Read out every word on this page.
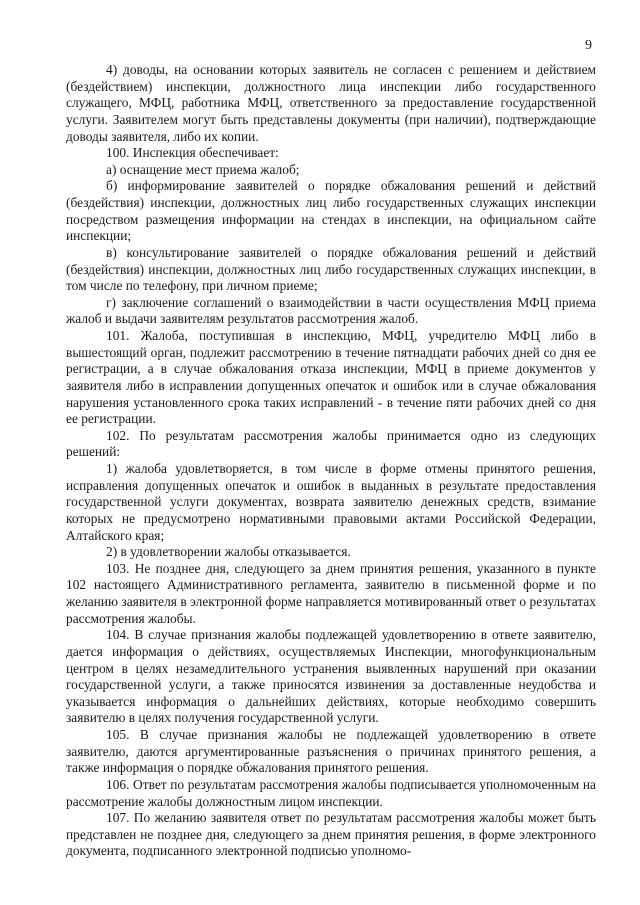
9

4) доводы, на основании которых заявитель не согласен с решением и действием (бездействием) инспекции, должностного лица инспекции либо государственного служащего, МФЦ, работника МФЦ, ответственного за предоставление государственной услуги. Заявителем могут быть представлены документы (при наличии), подтверждающие доводы заявителя, либо их копии.

100. Инспекция обеспечивает:

а) оснащение мест приема жалоб;

б) информирование заявителей о порядке обжалования решений и действий (бездействия) инспекции, должностных лиц либо государственных служащих инспекции посредством размещения информации на стендах в инспекции, на официальном сайте инспекции;

в) консультирование заявителей о порядке обжалования решений и действий (бездействия) инспекции, должностных лиц либо государственных служащих инспекции, в том числе по телефону, при личном приеме;

г) заключение соглашений о взаимодействии в части осуществления МФЦ приема жалоб и выдачи заявителям результатов рассмотрения жалоб.

101. Жалоба, поступившая в инспекцию, МФЦ, учредителю МФЦ либо в вышестоящий орган, подлежит рассмотрению в течение пятнадцати рабочих дней со дня ее регистрации, а в случае обжалования отказа инспекции, МФЦ в приеме документов у заявителя либо в исправлении допущенных опечаток и ошибок или в случае обжалования нарушения установленного срока таких исправлений - в течение пяти рабочих дней со дня ее регистрации.

102. По результатам рассмотрения жалобы принимается одно из следующих решений:

1) жалоба удовлетворяется, в том числе в форме отмены принятого решения, исправления допущенных опечаток и ошибок в выданных в результате предоставления государственной услуги документах, возврата заявителю денежных средств, взимание которых не предусмотрено нормативными правовыми актами Российской Федерации, Алтайского края;

2) в удовлетворении жалобы отказывается.

103. Не позднее дня, следующего за днем принятия решения, указанного в пункте 102 настоящего Административного регламента, заявителю в письменной форме и по желанию заявителя в электронной форме направляется мотивированный ответ о результатах рассмотрения жалобы.

104. В случае признания жалобы подлежащей удовлетворению в ответе заявителю, дается информация о действиях, осуществляемых Инспекции, многофункциональным центром в целях незамедлительного устранения выявленных нарушений при оказании государственной услуги, а также приносятся извинения за доставленные неудобства и указывается информация о дальнейших действиях, которые необходимо совершить заявителю в целях получения государственной услуги.

105. В случае признания жалобы не подлежащей удовлетворению в ответе заявителю, даются аргументированные разъяснения о причинах принятого решения, а также информация о порядке обжалования принятого решения.

106. Ответ по результатам рассмотрения жалобы подписывается уполномоченным на рассмотрение жалобы должностным лицом инспекции.

107. По желанию заявителя ответ по результатам рассмотрения жалобы может быть представлен не позднее дня, следующего за днем принятия решения, в форме электронного документа, подписанного электронной подписью уполномо-
